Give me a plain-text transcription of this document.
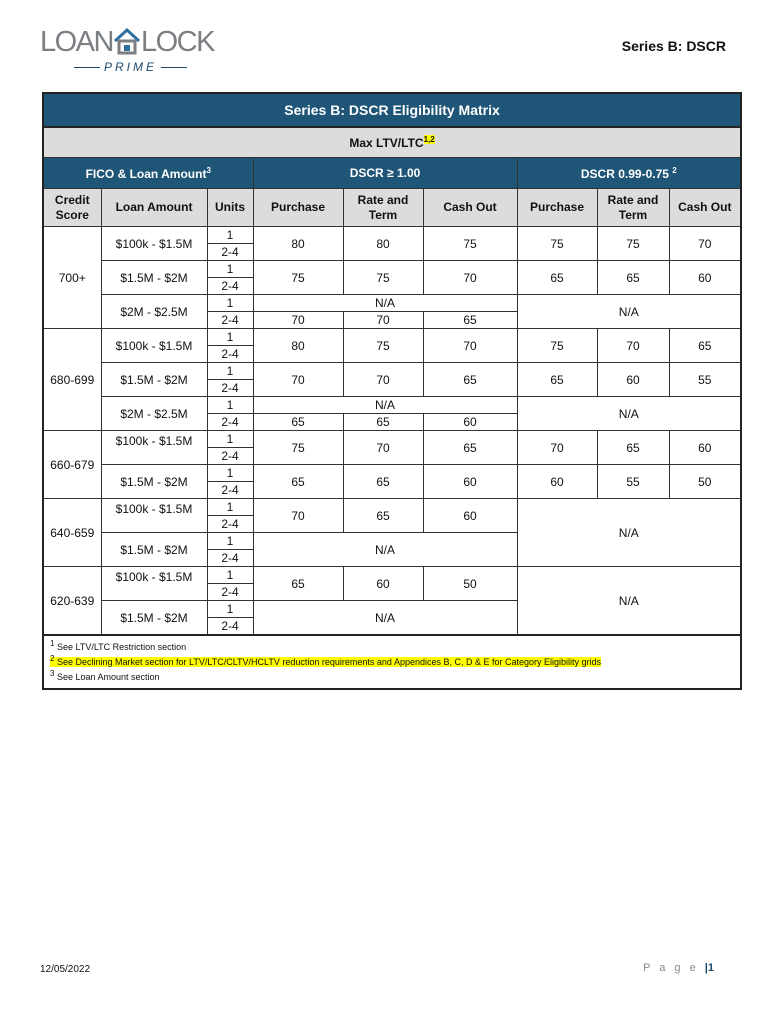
LOAN LOCK
PRIME
Series B: DSCR
Series B: DSCR Eligibility Matrix								
Max LTV/LTC$^{1,2}$
FICO & Loan Amount$^3$			DSCR ≥ 1.00			DSCR 0.99-0.75 $^2$
Credit Score	Loan Amount	Units	Purchase	Rate and Term	Cash Out	Purchase	Rate and Term	Cash Out
700+	$100k - $1.5M	1	80	80	75	75	75	70
		2-4						
	$1.5M - $2M	1	75	75	70	65	65	60
		2-4						
	$2M - $2.5M	1	N/A			N/A		
		2-4	70	70	65			
680-699	$100k - $1.5M	1	80	75	70	75	70	65
		2-4						
	$1.5M - $2M	1	70	70	65	65	60	55
		2-4						
	$2M - $2.5M	1	N/A			N/A		
		2-4	65	65	60			
660-679	$100k - $1.5M	1	75	70	65	70	65	60
		2-4						
	$1.5M - $2M	1	65	65	60	60	55	50
		2-4						
640-659	$100k - $1.5M	1	70	65	60	N/A		
		2-4						
	$1.5M - $2M	1	N/A					
		2-4						
620-639	$100k - $1.5M	1	65	60	50	N/A		
		2-4						
	$1.5M - $2M	1	N/A					
		2-4						

1 See LTV/LTC Restriction section
2 See Declining Market section for LTV/LTC/CLTV/HCLTV reduction requirements and Appendices B, C, D & E for Category Eligibility grids
3 See Loan Amount section								
12/05/2022	P a g e |1
